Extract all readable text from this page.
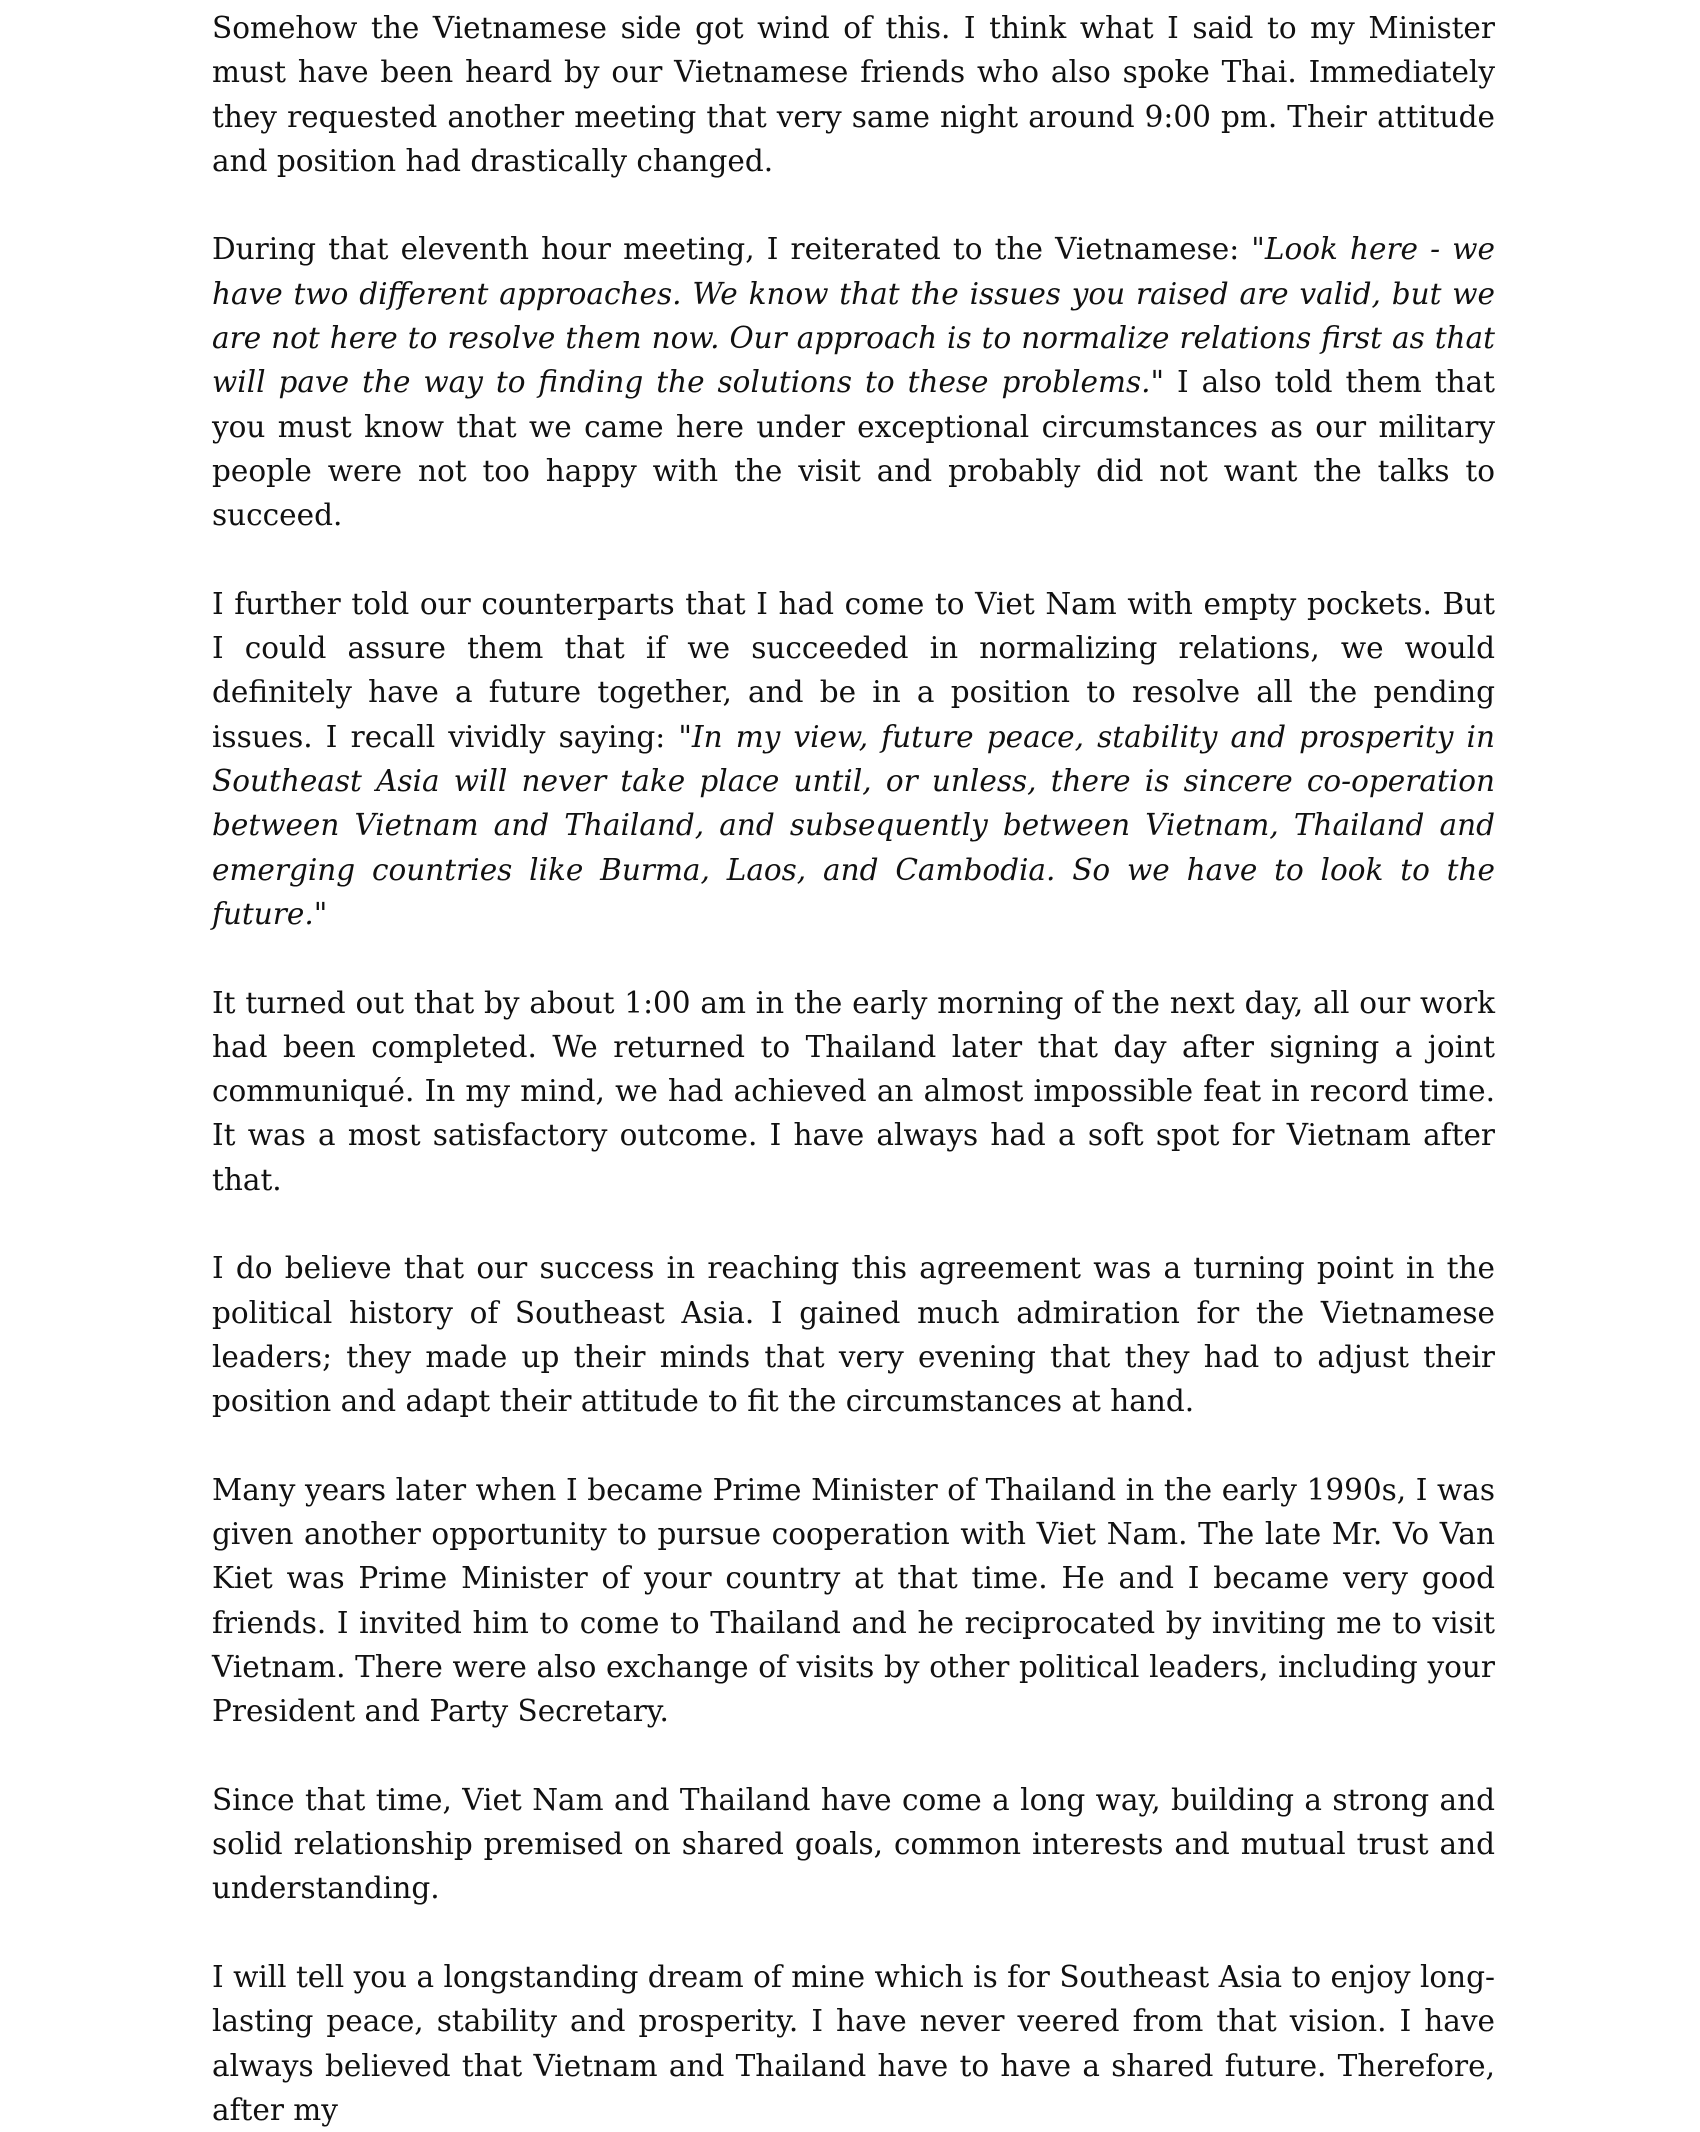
Somehow the Vietnamese side got wind of this. I think what I said to my Minister must have been heard by our Vietnamese friends who also spoke Thai. Immediately they requested another meeting that very same night around 9:00 pm. Their attitude and position had drastically changed.

During that eleventh hour meeting, I reiterated to the Vietnamese: "Look here - we have two different approaches. We know that the issues you raised are valid, but we are not here to resolve them now. Our approach is to normalize relations first as that will pave the way to finding the solutions to these problems." I also told them that you must know that we came here under exceptional circumstances as our military people were not too happy with the visit and probably did not want the talks to succeed.

I further told our counterparts that I had come to Viet Nam with empty pockets. But I could assure them that if we succeeded in normalizing relations, we would definitely have a future together, and be in a position to resolve all the pending issues. I recall vividly saying: "In my view, future peace, stability and prosperity in Southeast Asia will never take place until, or unless, there is sincere co-operation between Vietnam and Thailand, and subsequently between Vietnam, Thailand and emerging countries like Burma, Laos, and Cambodia. So we have to look to the future."

It turned out that by about 1:00 am in the early morning of the next day, all our work had been completed. We returned to Thailand later that day after signing a joint communiqué. In my mind, we had achieved an almost impossible feat in record time. It was a most satisfactory outcome. I have always had a soft spot for Vietnam after that.

I do believe that our success in reaching this agreement was a turning point in the political history of Southeast Asia. I gained much admiration for the Vietnamese leaders; they made up their minds that very evening that they had to adjust their position and adapt their attitude to fit the circumstances at hand.

Many years later when I became Prime Minister of Thailand in the early 1990s, I was given another opportunity to pursue cooperation with Viet Nam. The late Mr. Vo Van Kiet was Prime Minister of your country at that time. He and I became very good friends. I invited him to come to Thailand and he reciprocated by inviting me to visit Vietnam. There were also exchange of visits by other political leaders, including your President and Party Secretary.

Since that time, Viet Nam and Thailand have come a long way, building a strong and solid relationship premised on shared goals, common interests and mutual trust and understanding.

I will tell you a longstanding dream of mine which is for Southeast Asia to enjoy long-lasting peace, stability and prosperity. I have never veered from that vision. I have always believed that Vietnam and Thailand have to have a shared future. Therefore, after my
